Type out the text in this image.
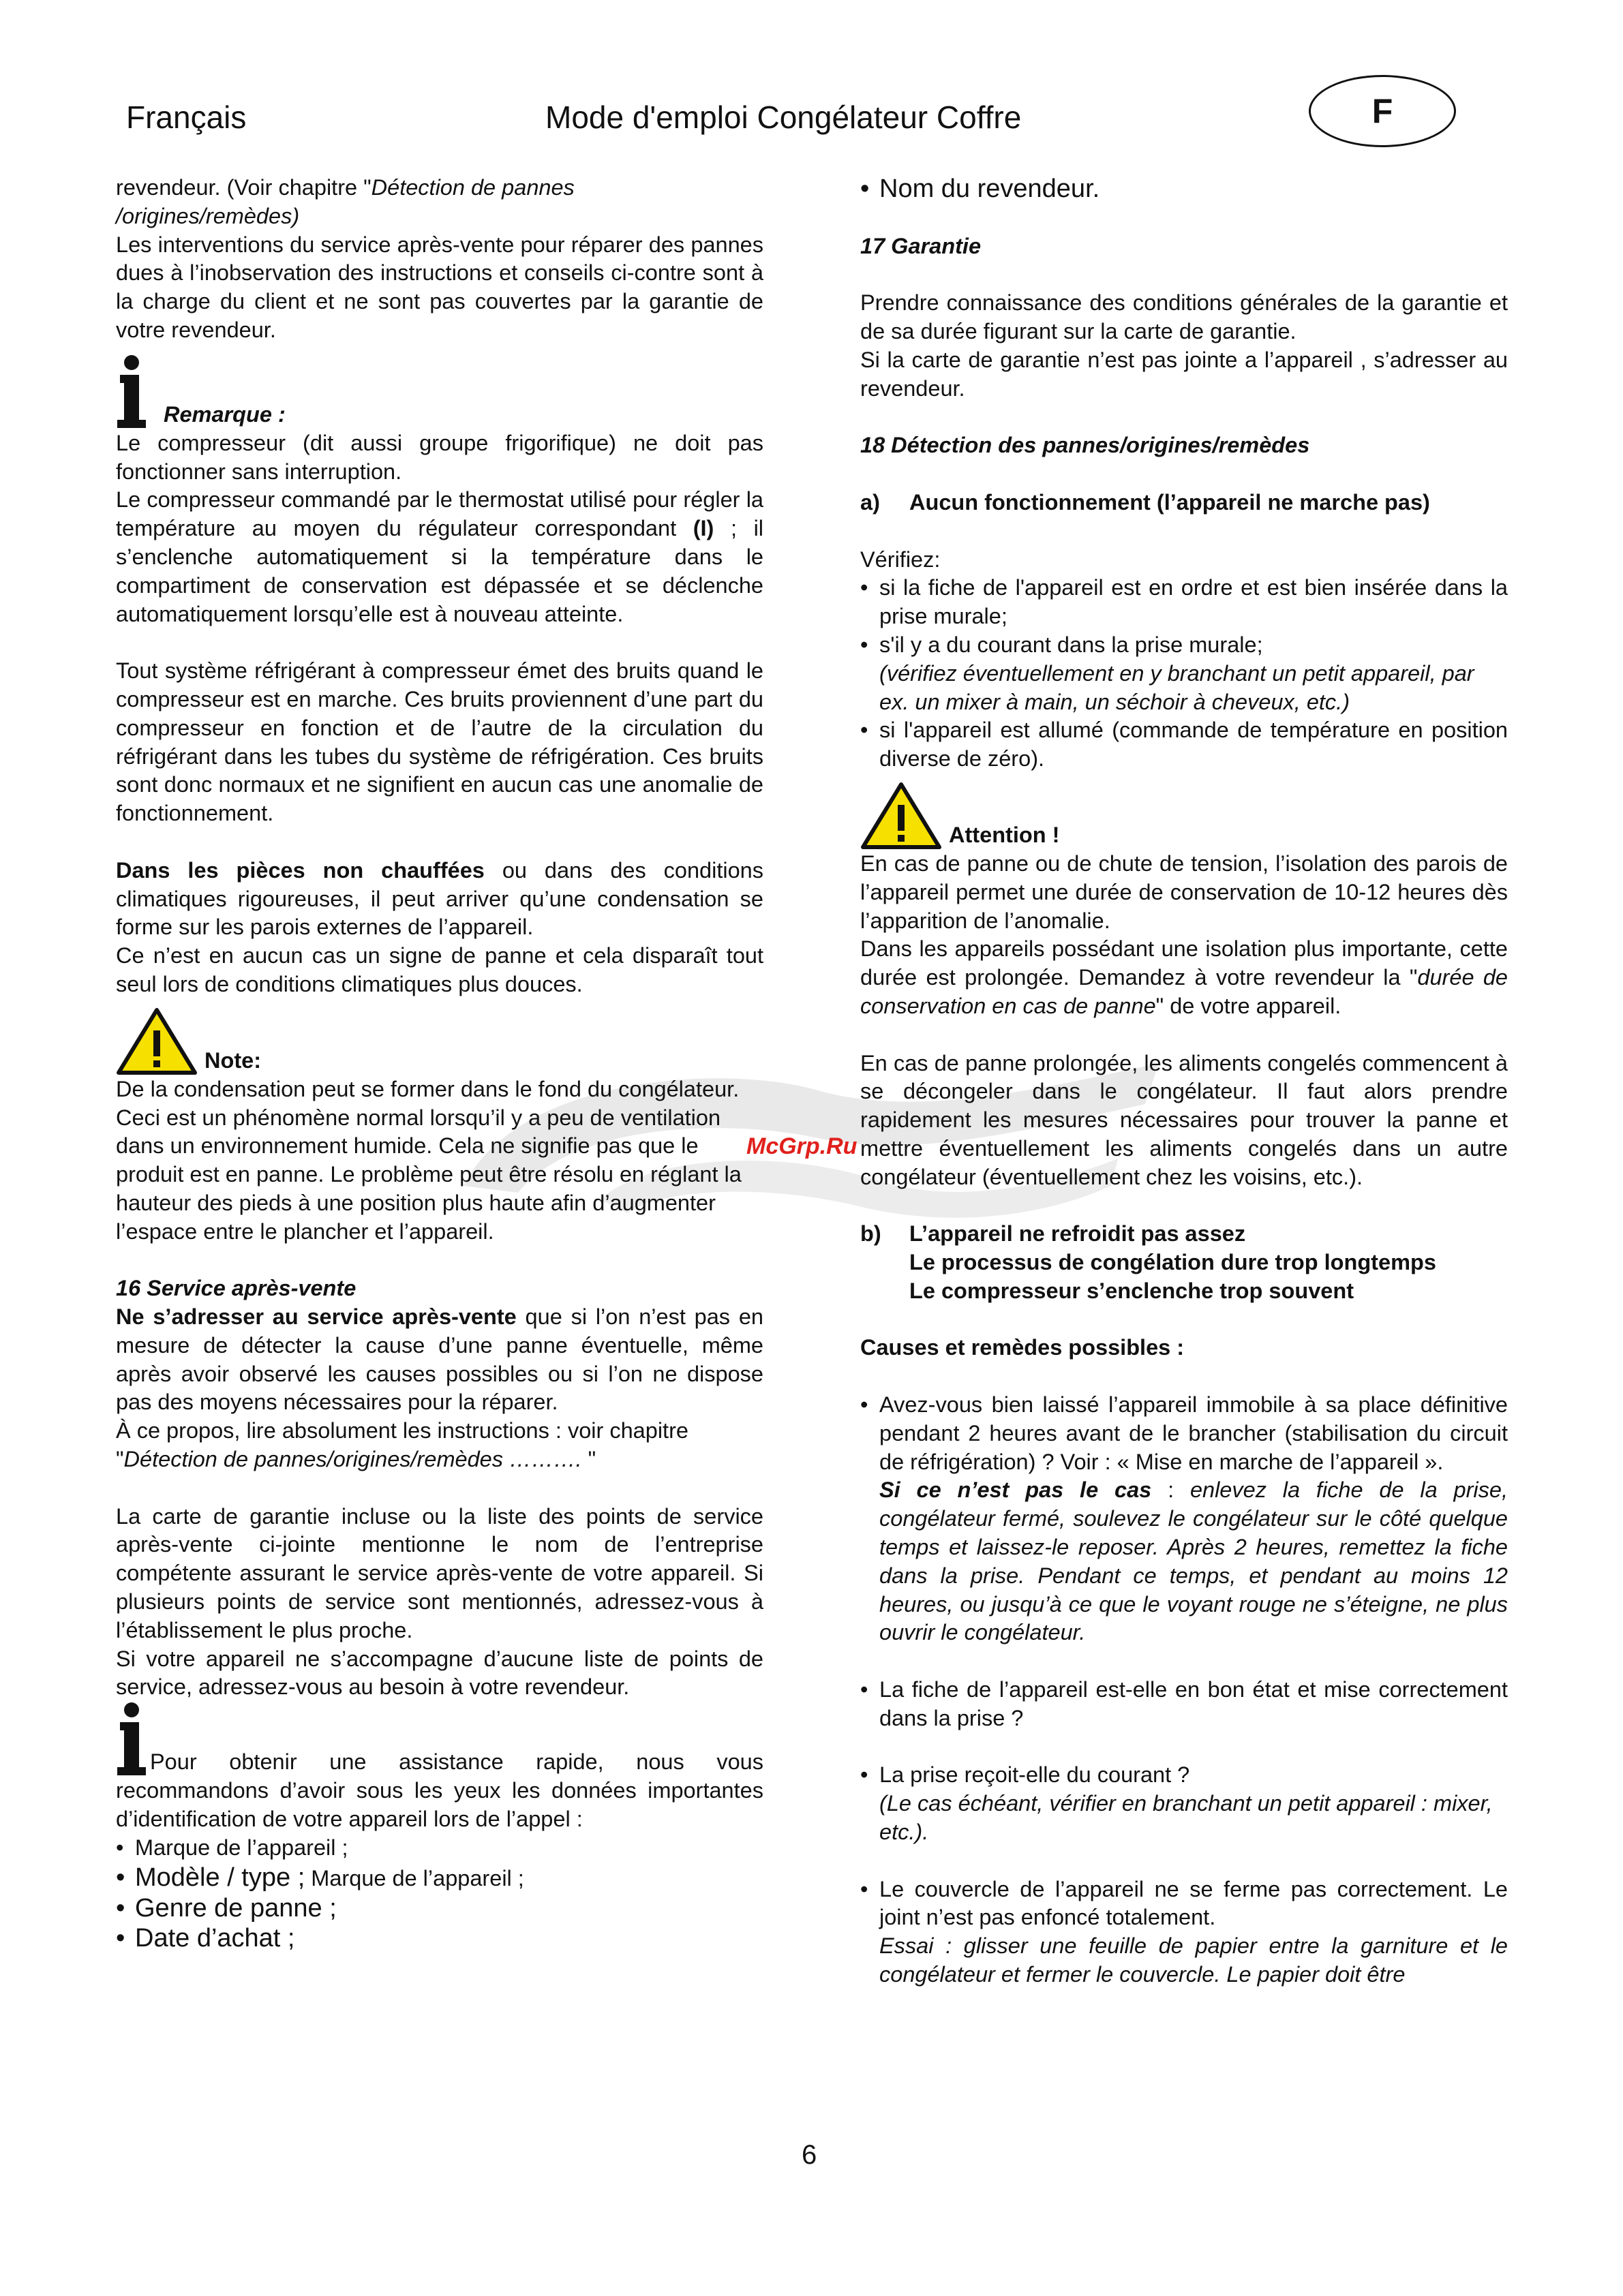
Français	Mode d'emploi Congélateur Coffre	F
McGrp.Ru

revendeur. (Voir chapitre "Détection de pannes /origines/remèdes)

Les interventions du service après-vente pour réparer des pannes dues à l’inobservation des instructions et conseils ci-contre sont à la charge du client et ne sont pas couvertes par la garantie de votre revendeur.

Remarque :

Le compresseur (dit aussi groupe frigorifique) ne doit pas fonctionner sans interruption.

Le compresseur commandé par le thermostat utilisé pour régler la température au moyen du régulateur correspondant (I) ; il s’enclenche automatiquement si la température dans le compartiment de conservation est dépassée et se déclenche automatiquement lorsqu’elle est à nouveau atteinte.

Tout système réfrigérant à compresseur émet des bruits quand le compresseur est en marche. Ces bruits proviennent d’une part du compresseur en fonction et de l’autre de la circulation du réfrigérant dans les tubes du système de réfrigération. Ces bruits sont donc normaux et ne signifient en aucun cas une anomalie de fonctionnement.

Dans les pièces non chauffées ou dans des conditions climatiques rigoureuses, il peut arriver qu’une condensation se forme sur les parois externes de l’appareil.

Ce n’est en aucun cas un signe de panne et cela disparaît tout seul lors de conditions climatiques plus douces.

Note:

De la condensation peut se former dans le fond du congélateur. Ceci est un phénomène normal lorsqu’il y a peu de ventilation dans un environnement humide. Cela ne signifie pas que le produit est en panne. Le problème peut être résolu en réglant la hauteur des pieds à une position plus haute afin d’augmenter l’espace entre le plancher et l’appareil.

16 Service après-vente

Ne s’adresser au service après-vente que si l’on n’est pas en mesure de détecter la cause d’une panne éventuelle, même après avoir observé les causes possibles ou si l’on ne dispose pas des moyens nécessaires pour la réparer.

À ce propos, lire absolument les instructions : voir chapitre "Détection de pannes/origines/remèdes ………. "

La carte de garantie incluse ou la liste des points de service après-vente ci-jointe mentionne le nom de l’entreprise compétente assurant le service après-vente de votre appareil. Si plusieurs points de service sont mentionnés, adressez-vous à l’établissement le plus proche.

Si votre appareil ne s’accompagne d’aucune liste de points de service, adressez-vous au besoin à votre revendeur.

Pour obtenir une assistance rapide, nous vous

recommandons d’avoir sous les yeux les données importantes d’identification de votre appareil lors de l’appel :

• Marque de l’appareil ;
• Modèle / type ; Marque de l’appareil ;
• Genre de panne ;
• Date d’achat ;
• Nom du revendeur.

17 Garantie

Prendre connaissance des conditions générales de la garantie et de sa durée figurant sur la carte de garantie.

Si la carte de garantie n’est pas jointe a l’appareil , s’adresser au revendeur.

18 Détection des pannes/origines/remèdes

a)	Aucun fonctionnement (l’appareil ne marche pas)

Vérifiez:

• si la fiche de l'appareil est en ordre et est bien insérée dans la prise murale;
• s'il y a du courant dans la prise murale;
(vérifiez éventuellement en y branchant un petit appareil, par ex. un mixer à main, un séchoir à cheveux, etc.)
• si l'appareil est allumé (commande de température en position diverse de zéro).
Attention !

En cas de panne ou de chute de tension, l’isolation des parois de l’appareil permet une durée de conservation de 10-12 heures dès l’apparition de l’anomalie.

Dans les appareils possédant une isolation plus importante, cette durée est prolongée. Demandez à votre revendeur la "durée de conservation en cas de panne" de votre appareil.

En cas de panne prolongée, les aliments congelés commencent à se décongeler dans le congélateur. Il faut alors prendre rapidement les mesures nécessaires pour trouver la panne et mettre éventuellement les aliments congelés dans un autre congélateur (éventuellement chez les voisins, etc.).

b)	L’appareil ne refroidit pas assez
Le processus de congélation dure trop longtemps
Le compresseur s’enclenche trop souvent

Causes et remèdes possibles :

• Avez-vous bien laissé l’appareil immobile à sa place définitive pendant 2 heures avant de le brancher (stabilisation du circuit de réfrigération) ? Voir : « Mise en marche de l’appareil ».
Si ce n’est pas le cas : enlevez la fiche de la prise, congélateur fermé, soulevez le congélateur sur le côté quelque temps et laissez-le reposer. Après 2 heures, remettez la fiche dans la prise. Pendant ce temps, et pendant au moins 12 heures, ou jusqu’à ce que le voyant rouge ne s’éteigne, ne plus ouvrir le congélateur.
• La fiche de l’appareil est-elle en bon état et mise correctement dans la prise ?
• La prise reçoit-elle du courant ?
(Le cas échéant, vérifier en branchant un petit appareil : mixer, etc.).
• Le couvercle de l’appareil ne se ferme pas correctement. Le joint n’est pas enfoncé totalement.
Essai : glisser une feuille de papier entre la garniture et le congélateur et fermer le couvercle. Le papier doit être
6
